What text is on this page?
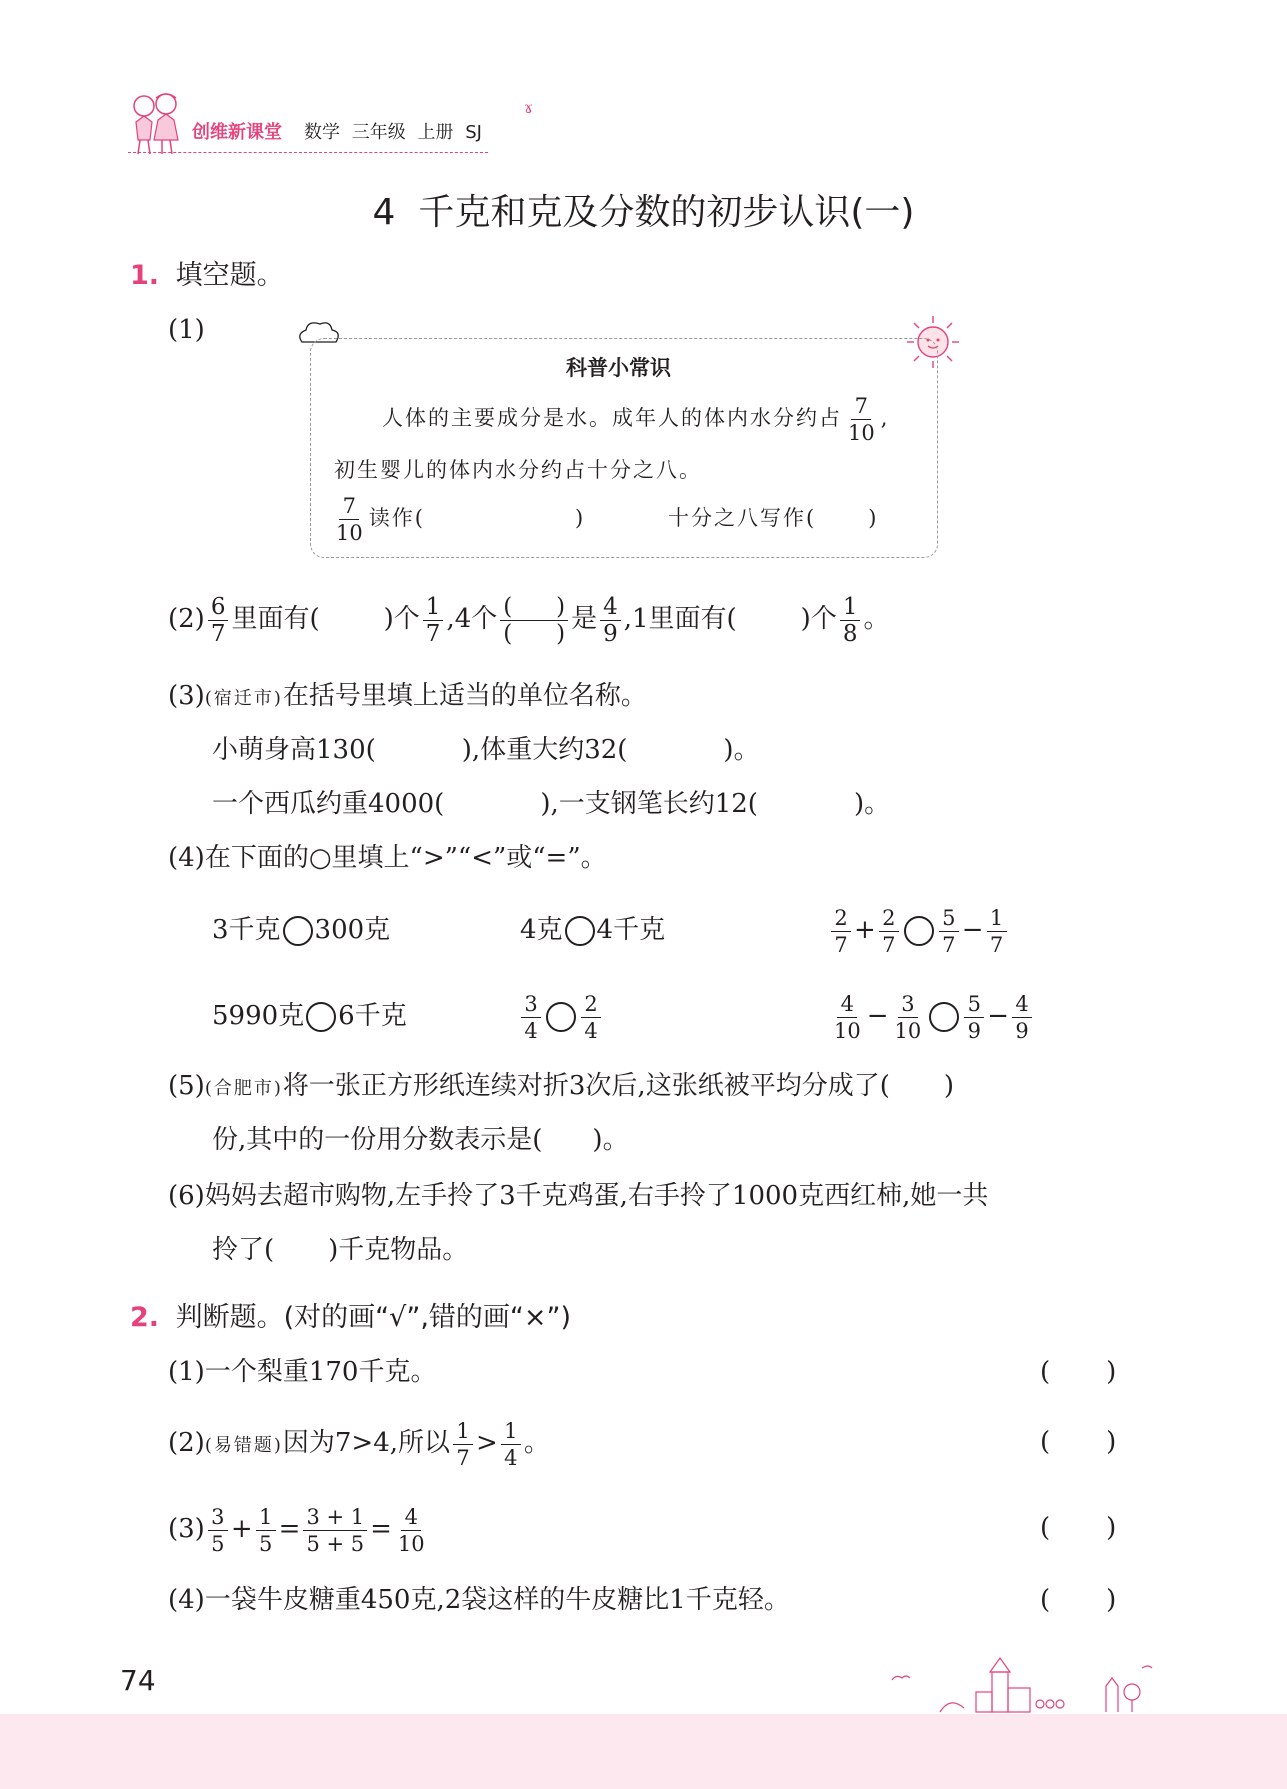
创维新课堂 数学 三年级 上册 SJ
ɤ
4  千克和克及分数的初步认识(一)
1. 填空题。
(1)
科普小常识
人体的主要成分是水。成年人的体内水分约占 $\frac{7}{10}$ ,
初生婴儿的体内水分约占十分之八。
$\frac{7}{10}$ 读作(	)	十分之八写作( )
$(2) \frac{6}{7}$ 里面有( )个 $\frac{1}{7} ,4$个 $\frac{( )}{( )}$ 是 $\frac{4}{9} ,1$里面有( )个 $\frac{1}{8}$ 。
(3)(宿迁市)在括号里填上适当的单位名称。
小萌身高130(	),体重大约32(	)。
一个西瓜约重4000(	),一支钢笔长约12(	)。
(4)在下面的○里填上“>”“<”或“=”。
3千克 300克	4克 4千克	$\frac{2}{7} + \frac{2}{7} \frac{5}{7} - \frac{1}{7}$
5990克 6千克	$\frac{3}{4} \frac{2}{4}$	$\frac{4}{10} - \frac{3}{10} \frac{5}{9} - \frac{4}{9}$
(5)(合肥市)将一张正方形纸连续对折3次后,这张纸被平均分成了( )
份,其中的一份用分数表示是( )。
(6)妈妈去超市购物,左手拎了3千克鸡蛋,右手拎了1000克西红柿,她一共
拎了( )千克物品。
2. 判断题。(对的画“√”,错的画“×”)
(1)一个梨重170千克。	( )
(2)(易错题)因为7>4,所以 $\frac{1}{7} > \frac{1}{4}$ 。	( )
$(3) \frac{3}{5} + \frac{1}{5} = \frac{3 + 1}{5 + 5} = \frac{4}{10}$	( )
(4)一袋牛皮糖重450克,2袋这样的牛皮糖比1千克轻。	( )
74
